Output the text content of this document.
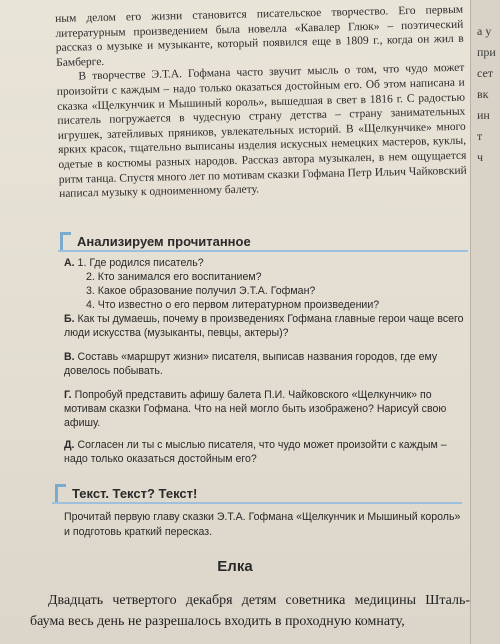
ным делом его жизни становится писательское творчество. Его первым литературным произведением была новелла «Кавалер Глюк» – поэтический рассказ о музыке и музыканте, который появился еще в 1809 г., когда он жил в Бамберге.

В творчестве Э.Т.А. Гофмана часто звучит мысль о том, что чудо может произойти с каждым – надо только оказаться достойным его. Об этом написана и сказка «Щелкунчик и Мышиный король», вышедшая в свет в 1816 г. С радостью писатель погружается в чудесную страну детства – страну занимательных игрушек, затейливых пряников, увлекательных историй. В «Щелкунчике» много ярких красок, тщательно выписаны изделия искусных немецких мастеров, куклы, одетые в костюмы разных народов. Рассказ автора музыкален, в нем ощущается ритм танца. Спустя много лет по мотивам сказки Гофмана Петр Ильич Чайковский написал музыку к одноименному балету.

Анализируем прочитанное
А. 1. Где родился писатель?
2. Кто занимался его воспитанием?
3. Какое образование получил Э.Т.А. Гофман?
4. Что известно о его первом литературном произведении?
Б. Как ты думаешь, почему в произведениях Гофмана главные герои чаще всего люди искусства (музыканты, певцы, актеры)?
В. Составь «маршрут жизни» писателя, выписав названия городов, где ему довелось побывать.
Г. Попробуй представить афишу балета П.И. Чайковского «Щелкунчик» по мотивам сказки Гофмана. Что на ней могло быть изображено? Нарисуй свою афишу.
Д. Согласен ли ты с мыслью писателя, что чудо может произойти с каждым – надо только оказаться достойным его?
Текст. Текст? Текст!
Прочитай первую главу сказки Э.Т.А. Гофмана «Щелкунчик и Мышиный король» и подготовь краткий пересказ.
Елка
Двадцать четвертого декабря детям советника медицины Шталь-баума весь день не разрешалось входить в проходную комнату,
а у
при
сет
вк
ин
т
ч
